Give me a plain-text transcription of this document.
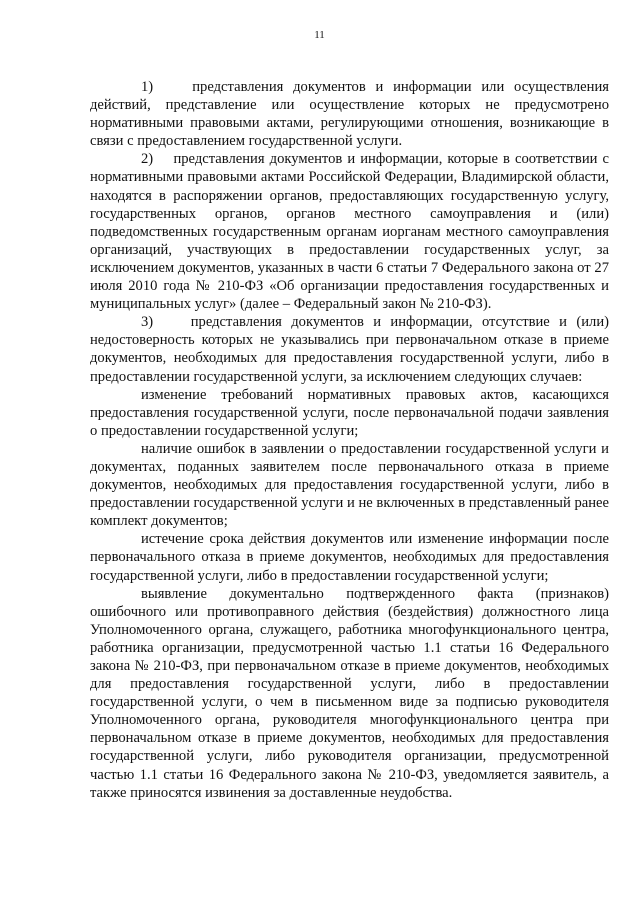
11

1)    представления документов и информации или осуществления действий, представление или осуществление которых не предусмотрено нормативными правовыми актами, регулирующими отношения, возникающие в связи с предоставлением государственной услуги.

2)    представления документов и информации, которые в соответствии с нормативными правовыми актами Российской Федерации, Владимирской области, находятся в распоряжении органов, предоставляющих государственную услугу, государственных органов, органов местного самоуправления и (или) подведомственных государственным органам иорганам местного самоуправления организаций, участвующих в предоставлении государственных услуг, за исключением документов, указанных в части 6 статьи 7 Федерального закона от 27 июля 2010 года № 210-ФЗ «Об организации предоставления государственных и муниципальных услуг» (далее – Федеральный закон № 210-ФЗ).

3)    представления документов и информации, отсутствие и (или) недостоверность которых не указывались при первоначальном отказе в приеме документов, необходимых для предоставления государственной услуги, либо в предоставлении государственной услуги, за исключением следующих случаев:

изменение требований нормативных правовых актов, касающихся предоставления государственной услуги, после первоначальной подачи заявления о предоставлении государственной услуги;

наличие ошибок в заявлении о предоставлении государственной услуги и документах, поданных заявителем после первоначального отказа в приеме документов, необходимых для предоставления государственной услуги, либо в предоставлении государственной услуги и не включенных в представленный ранее комплект документов;

истечение срока действия документов или изменение информации после первоначального отказа в приеме документов, необходимых для предоставления государственной услуги, либо в предоставлении государственной услуги;

выявление документально подтвержденного факта (признаков) ошибочного или противоправного действия (бездействия) должностного лица Уполномоченного органа, служащего, работника многофункционального центра, работника организации, предусмотренной частью 1.1 статьи 16 Федерального закона № 210-ФЗ, при первоначальном отказе в приеме документов, необходимых для предоставления государственной услуги, либо в предоставлении государственной услуги, о чем в письменном виде за подписью руководителя Уполномоченного органа, руководителя многофункционального центра при первоначальном отказе в приеме документов, необходимых для предоставления государственной услуги, либо руководителя организации, предусмотренной частью 1.1 статьи 16 Федерального закона № 210-ФЗ, уведомляется заявитель, а также приносятся извинения за доставленные неудобства.
